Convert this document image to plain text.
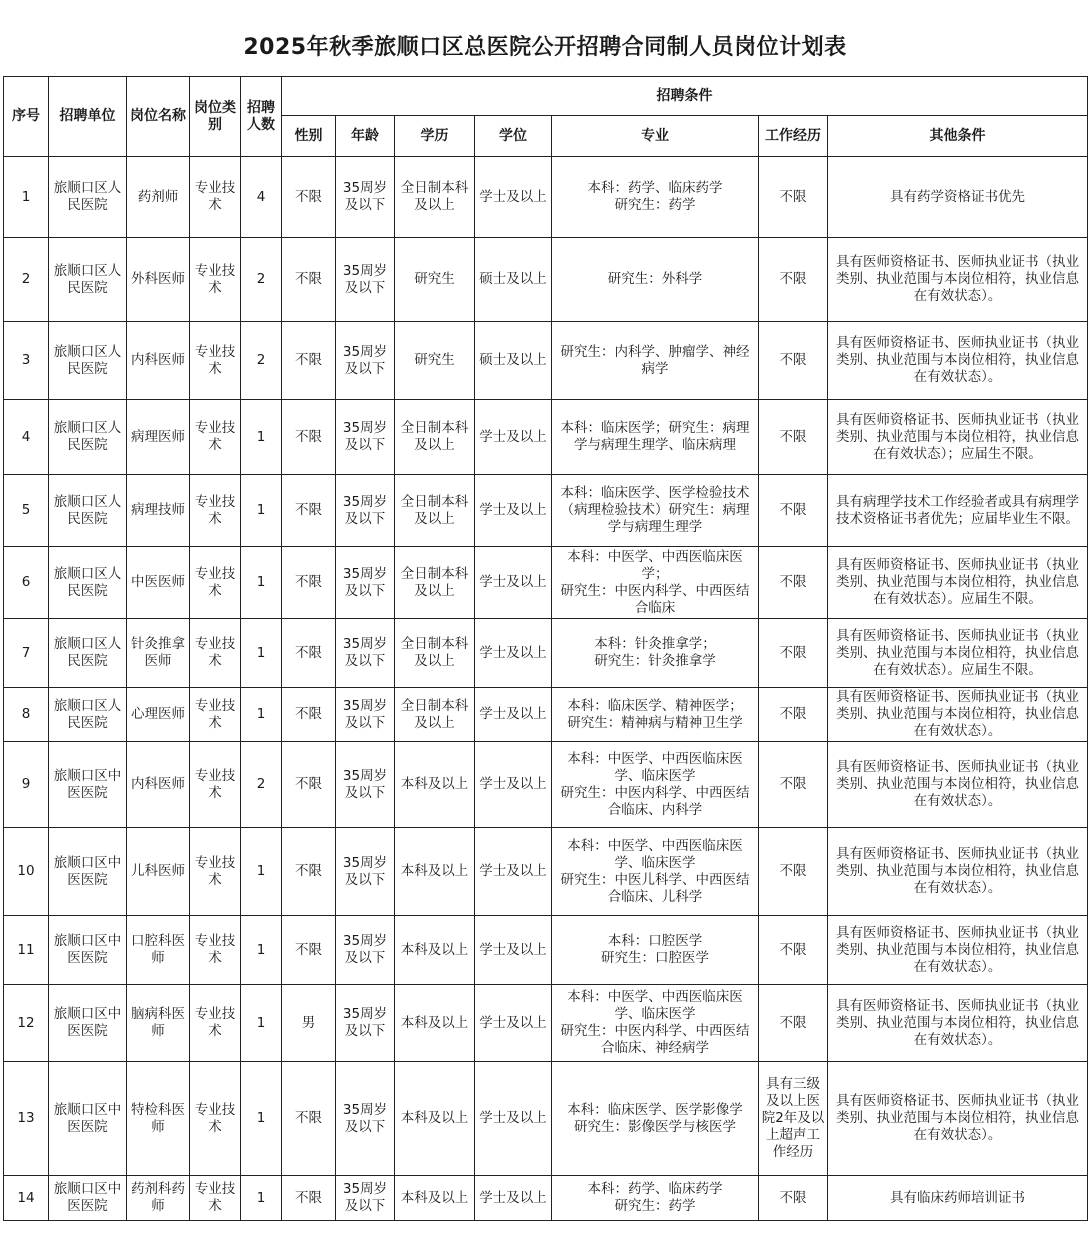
2025年秋季旅顺口区总医院公开招聘合同制人员岗位计划表
序号	招聘单位	岗位名称	岗位类别	招聘人数	招聘条件						
					性别	年龄	学历	学位	专业	工作经历	其他条件
1	旅顺口区人民医院	药剂师	专业技术	4	不限	35周岁及以下	全日制本科及以上	学士及以上	本科：药学、临床药学
研究生：药学	不限	具有药学资格证书优先
2	旅顺口区人民医院	外科医师	专业技术	2	不限	35周岁及以下	研究生	硕士及以上	研究生：外科学	不限	具有医师资格证书、医师执业证书（执业类别、执业范围与本岗位相符，执业信息在有效状态）。
3	旅顺口区人民医院	内科医师	专业技术	2	不限	35周岁及以下	研究生	硕士及以上	研究生：内科学、肿瘤学、神经病学	不限	具有医师资格证书、医师执业证书（执业类别、执业范围与本岗位相符，执业信息在有效状态）。
4	旅顺口区人民医院	病理医师	专业技术	1	不限	35周岁及以下	全日制本科及以上	学士及以上	本科：临床医学；研究生：病理学与病理生理学、临床病理	不限	具有医师资格证书、医师执业证书（执业类别、执业范围与本岗位相符，执业信息在有效状态）；应届生不限。
5	旅顺口区人民医院	病理技师	专业技术	1	不限	35周岁及以下	全日制本科及以上	学士及以上	本科：临床医学、医学检验技术（病理检验技术）研究生：病理学与病理生理学	不限	具有病理学技术工作经验者或具有病理学技术资格证书者优先；应届毕业生不限。
6	旅顺口区人民医院	中医医师	专业技术	1	不限	35周岁及以下	全日制本科及以上	学士及以上	本科：中医学、中西医临床医学；
研究生：中医内科学、中西医结合临床	不限	具有医师资格证书、医师执业证书（执业类别、执业范围与本岗位相符，执业信息在有效状态）。应届生不限。
7	旅顺口区人民医院	针灸推拿医师	专业技术	1	不限	35周岁及以下	全日制本科及以上	学士及以上	本科：针灸推拿学；
研究生：针灸推拿学	不限	具有医师资格证书、医师执业证书（执业类别、执业范围与本岗位相符，执业信息在有效状态）。应届生不限。
8	旅顺口区人民医院	心理医师	专业技术	1	不限	35周岁及以下	全日制本科及以上	学士及以上	本科：临床医学、精神医学；
研究生：精神病与精神卫生学	不限	具有医师资格证书、医师执业证书（执业类别、执业范围与本岗位相符，执业信息在有效状态）。
9	旅顺口区中医医院	内科医师	专业技术	2	不限	35周岁及以下	本科及以上	学士及以上	本科：中医学、中西医临床医学、临床医学
研究生：中医内科学、中西医结合临床、内科学	不限	具有医师资格证书、医师执业证书（执业类别、执业范围与本岗位相符，执业信息在有效状态）。
10	旅顺口区中医医院	儿科医师	专业技术	1	不限	35周岁及以下	本科及以上	学士及以上	本科：中医学、中西医临床医学、临床医学
研究生：中医儿科学、中西医结合临床、儿科学	不限	具有医师资格证书、医师执业证书（执业类别、执业范围与本岗位相符，执业信息在有效状态）。
11	旅顺口区中医医院	口腔科医师	专业技术	1	不限	35周岁及以下	本科及以上	学士及以上	本科：口腔医学
研究生：口腔医学	不限	具有医师资格证书、医师执业证书（执业类别、执业范围与本岗位相符，执业信息在有效状态）。
12	旅顺口区中医医院	脑病科医师	专业技术	1	男	35周岁及以下	本科及以上	学士及以上	本科：中医学、中西医临床医学、临床医学
研究生：中医内科学、中西医结合临床、神经病学	不限	具有医师资格证书、医师执业证书（执业类别、执业范围与本岗位相符，执业信息在有效状态）。
13	旅顺口区中医医院	特检科医师	专业技术	1	不限	35周岁及以下	本科及以上	学士及以上	本科：临床医学、医学影像学
研究生：影像医学与核医学	具有三级及以上医院2年及以上超声工作经历	具有医师资格证书、医师执业证书（执业类别、执业范围与本岗位相符，执业信息在有效状态）。
14	旅顺口区中医医院	药剂科药师	专业技术	1	不限	35周岁及以下	本科及以上	学士及以上	本科：药学、临床药学
研究生：药学	不限	具有临床药师培训证书
